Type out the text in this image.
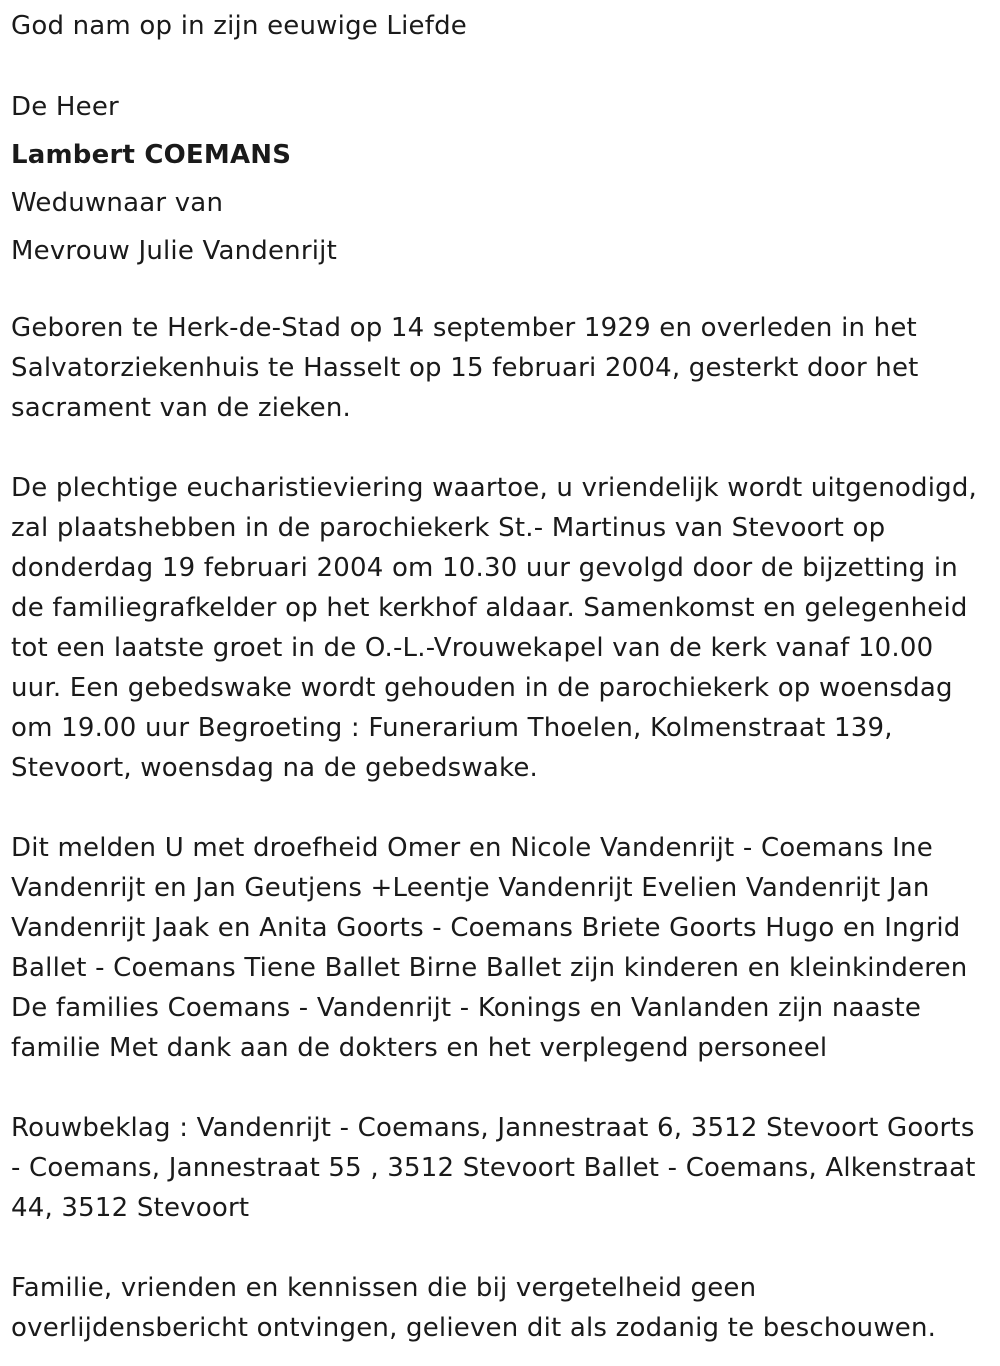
God nam op in zijn eeuwige Liefde
De Heer
Lambert COEMANS
Weduwnaar van
Mevrouw Julie Vandenrijt

Geboren te Herk-de-Stad op 14 september 1929 en overleden in het
Salvatorziekenhuis te Hasselt op 15 februari 2004, gesterkt door het
sacrament van de zieken.

De plechtige eucharistieviering waartoe, u vriendelijk wordt uitgenodigd,
zal plaatshebben in de parochiekerk St.- Martinus van Stevoort op
donderdag 19 februari 2004 om 10.30 uur gevolgd door de bijzetting in
de familiegrafkelder op het kerkhof aldaar. Samenkomst en gelegenheid
tot een laatste groet in de O.-L.-Vrouwekapel van de kerk vanaf 10.00
uur. Een gebedswake wordt gehouden in de parochiekerk op woensdag
om 19.00 uur Begroeting : Funerarium Thoelen, Kolmenstraat 139,
Stevoort, woensdag na de gebedswake.

Dit melden U met droefheid Omer en Nicole Vandenrijt - Coemans Ine
Vandenrijt en Jan Geutjens +Leentje Vandenrijt Evelien Vandenrijt Jan
Vandenrijt Jaak en Anita Goorts - Coemans Briete Goorts Hugo en Ingrid
Ballet - Coemans Tiene Ballet Birne Ballet zijn kinderen en kleinkinderen
De families Coemans - Vandenrijt - Konings en Vanlanden zijn naaste
familie Met dank aan de dokters en het verplegend personeel

Rouwbeklag : Vandenrijt - Coemans, Jannestraat 6, 3512 Stevoort Goorts
- Coemans, Jannestraat 55 , 3512 Stevoort Ballet - Coemans, Alkenstraat
44, 3512 Stevoort

Familie, vrienden en kennissen die bij vergetelheid geen
overlijdensbericht ontvingen, gelieven dit als zodanig te beschouwen.
